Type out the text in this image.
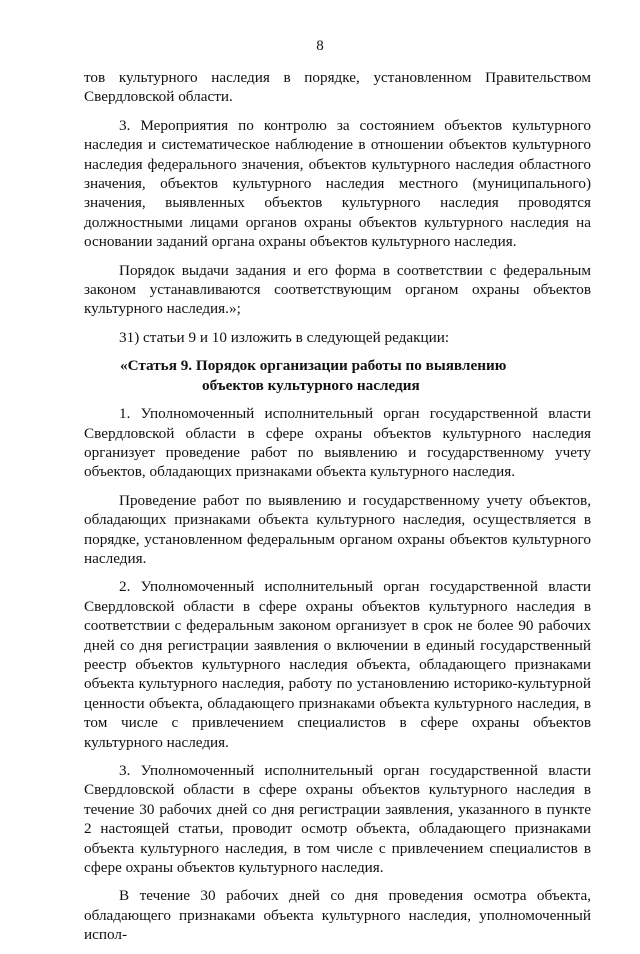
8

тов культурного наследия в порядке, установленном Правительством Свердловской области.

3. Мероприятия по контролю за состоянием объектов культурного наследия и систематическое наблюдение в отношении объектов культурного наследия федерального значения, объектов культурного наследия областного значения, объектов культурного наследия местного (муниципального) значения, выявленных объектов культурного наследия проводятся должностными лицами органов охраны объектов культурного наследия на основании заданий органа охраны объектов культурного наследия.

Порядок выдачи задания и его форма в соответствии с федеральным законом устанавливаются соответствующим органом охраны объектов культурного наследия.»;

31) статьи 9 и 10 изложить в следующей редакции:

«Статья 9. Порядок организации работы по выявлению
объектов культурного наследия

1. Уполномоченный исполнительный орган государственной власти Свердловской области в сфере охраны объектов культурного наследия организует проведение работ по выявлению и государственному учету объектов, обладающих признаками объекта культурного наследия.

Проведение работ по выявлению и государственному учету объектов, обладающих признаками объекта культурного наследия, осуществляется в порядке, установленном федеральным органом охраны объектов культурного наследия.

2. Уполномоченный исполнительный орган государственной власти Свердловской области в сфере охраны объектов культурного наследия в соответствии с федеральным законом организует в срок не более 90 рабочих дней со дня регистрации заявления о включении в единый государственный реестр объектов культурного наследия объекта, обладающего признаками объекта культурного наследия, работу по установлению историко-культурной ценности объекта, обладающего признаками объекта культурного наследия, в том числе с привлечением специалистов в сфере охраны объектов культурного наследия.

3. Уполномоченный исполнительный орган государственной власти Свердловской области в сфере охраны объектов культурного наследия в течение 30 рабочих дней со дня регистрации заявления, указанного в пункте 2 настоящей статьи, проводит осмотр объекта, обладающего признаками объекта культурного наследия, в том числе с привлечением специалистов в сфере охраны объектов культурного наследия.

В течение 30 рабочих дней со дня проведения осмотра объекта, обладающего признаками объекта культурного наследия, уполномоченный испол-
